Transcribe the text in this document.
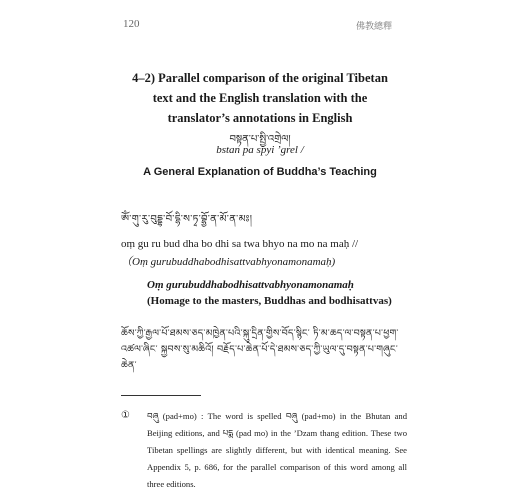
120	佛教總釋
4–2) Parallel comparison of the original Tibetan
text and the English translation with the
translator’s annotations in English
བསྟན་པ་སྤྱི་འགྲེལ།
bstan pa spyi ’grel /
A General Explanation of Buddha’s Teaching
ཨོཾ་གུ་རུ་བུདྡྷ་བོ་དྷི་ས་ཏྭ་བྷྱོ་ན་མོ་ན་མཿ།
oṃ gu ru bud dha bo dhi sa twa bhyo na mo na maḥ //
（Oṃ gurubuddhabodhisattvabhyonamonamaḥ)
Oṃ gurubuddhabodhisattvabhyonamonamaḥ
(Homage to the masters, Buddhas and bodhisattvas)
ཆོས་ཀྱི་རྒྱལ་པོ་ཐམས་ཅད་མཁྱེན་པའི་སྐུ་དྲིན་གྱིས་བོད་སྙིང་ ཏི་མ་ཆད་ལ་བསྟན་པ་ཕྱག་འཚལ་ཞིང་ སྐྱབས་སུ་མཆིའོ། བརྗོད་པ་ཆེན་པོ་དེ་ཐམས་ཅད་ཀྱི་ཡུལ་དུ་བསྟན་པ་གཞུང་ཆེན་
① བཞུ (pad+mo) : The word is spelled བཞུ (pad+mo) in the Bhutan and Beijing editions, and པདྨ (pad mo) in the ’Dzam thang edition. These two Tibetan spellings are slightly different, but with identical meaning. See Appendix 5, p. 686, for the parallel comparison of this word among all three editions.
